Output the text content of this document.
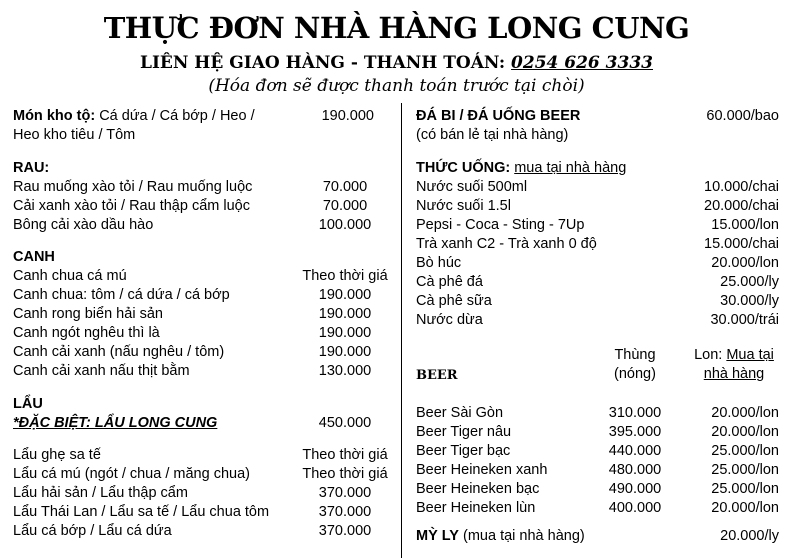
THỰC ĐƠN NHÀ HÀNG LONG CUNG
LIÊN HỆ GIAO HÀNG - THANH TOÁN: 0254 626 3333
(Hóa đơn sẽ được thanh toán trước tại chòi)
Món kho tộ: Cá dứa / Cá bớp / Heo /	190.000
Heo kho tiêu / Tôm
RAU:
Rau muống xào tỏi / Rau muống luộc	70.000
Cải xanh xào tỏi / Rau thập cẩm luộc	70.000
Bông cải xào dầu hào	100.000
CANH
Canh chua cá mú	Theo thời giá
Canh chua: tôm / cá dứa / cá bớp	190.000
Canh rong biển hải sản	190.000
Canh ngót nghêu thì là	190.000
Canh cải xanh (nấu nghêu / tôm)	190.000
Canh cải xanh nấu thịt bằm	130.000
LẨU
*ĐẶC BIỆT: LẨU LONG CUNG	450.000
Lẩu ghẹ sa tế	Theo thời giá
Lẩu cá mú (ngót / chua / măng chua)	Theo thời giá
Lẩu hải sản / Lẩu thập cẩm	370.000
Lẩu Thái Lan / Lẩu sa tế / Lẩu chua tôm	370.000
Lẩu cá bớp / Lẩu cá dứa	370.000
ĐÁ BI / ĐÁ UỐNG BEER	60.000/bao
(có bán lẻ tại nhà hàng)
THỨC UỐNG: mua tại nhà hàng
Nước suối 500ml	10.000/chai
Nước suối 1.5l	20.000/chai
Pepsi - Coca - Sting - 7Up	15.000/lon
Trà xanh C2 - Trà xanh 0 độ	15.000/chai
Bò húc	20.000/lon
Cà phê đá	25.000/ly
Cà phê sữa	30.000/ly
Nước dừa	30.000/trái
Thùng
(nóng)
Lon: Mua tại
nhà hàng
BEER
Beer Sài Gòn	310.000	20.000/lon
Beer Tiger nâu	395.000	20.000/lon
Beer Tiger bạc	440.000	25.000/lon
Beer Heineken xanh	480.000	25.000/lon
Beer Heineken bạc	490.000	25.000/lon
Beer Heineken lùn	400.000	20.000/lon
MỲ LY (mua tại nhà hàng)	20.000/ly
